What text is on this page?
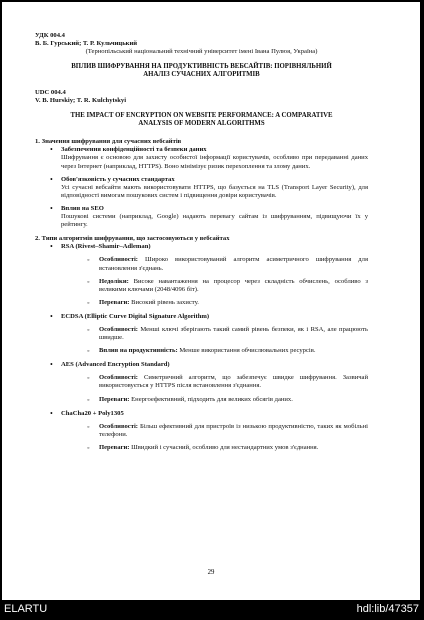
УДК 004.4
В. Б. Гурський; Т. Р. Кульчицький
(Тернопільський національний технічний університет імені Івана Пулюя, Україна)
ВПЛИВ ШИФРУВАННЯ НА ПРОДУКТИВНІСТЬ ВЕБСАЙТІВ: ПОРІВНЯЛЬНИЙ
АНАЛІЗ СУЧАСНИХ АЛГОРИТМІВ
UDC 004.4
V. B. Hurskiy; T. R. Kulchytskyi
THE IMPACT OF ENCRYPTION ON WEBSITE PERFORMANCE: A COMPARATIVE
ANALYSIS OF MODERN ALGORITHMS
1. Значення шифрування для сучасних вебсайтів
• Забезпечення конфіденційності та безпеки даних
Шифрування є основою для захисту особистої інформації користувачів, особливо при передаванні даних через Інтернет (наприклад, HTTPS). Воно мінімізує ризик перехоплення та злому даних.
• Обов'язковість у сучасних стандартах
Усі сучасні вебсайти мають використовувати HTTPS, що базується на TLS (Transport Layer Security), для відповідності вимогам пошукових систем і підвищення довіри користувачів.
• Вплив на SEO
Пошукові системи (наприклад, Google) надають перевагу сайтам із шифруванням, підвищуючи їх у рейтингу.
2. Типи алгоритмів шифрування, що застосовуються у вебсайтах
• RSA (Rivest–Shamir–Adleman)
◦ Особливості: Широко використовуваний алгоритм асиметричного шифрування для встановлення з'єднань.
◦ Недоліки: Високе навантаження на процесор через складність обчислень, особливо з великими ключами (2048/4096 біт).
◦ Переваги: Високий рівень захисту.
• ECDSA (Elliptic Curve Digital Signature Algorithm)
◦ Особливості: Менші ключі зберігають такий самий рівень безпеки, як і RSA, але працюють швидше.
◦ Вплив на продуктивність: Менше використання обчислювальних ресурсів.
• AES (Advanced Encryption Standard)
◦ Особливості: Симетричний алгоритм, що забезпечує швидке шифрування. Зазвичай використовується у HTTPS після встановлення з'єднання.
◦ Переваги: Енергоефективний, підходить для великих обсягів даних.
• ChaCha20 + Poly1305
◦ Особливості: Більш ефективний для пристроїв із низькою продуктивністю, таких як мобільні телефони.
◦ Переваги: Швидкий і сучасний, особливо для нестандартних умов з'єднання.
29
ELARTU	hdl:lib/47357
